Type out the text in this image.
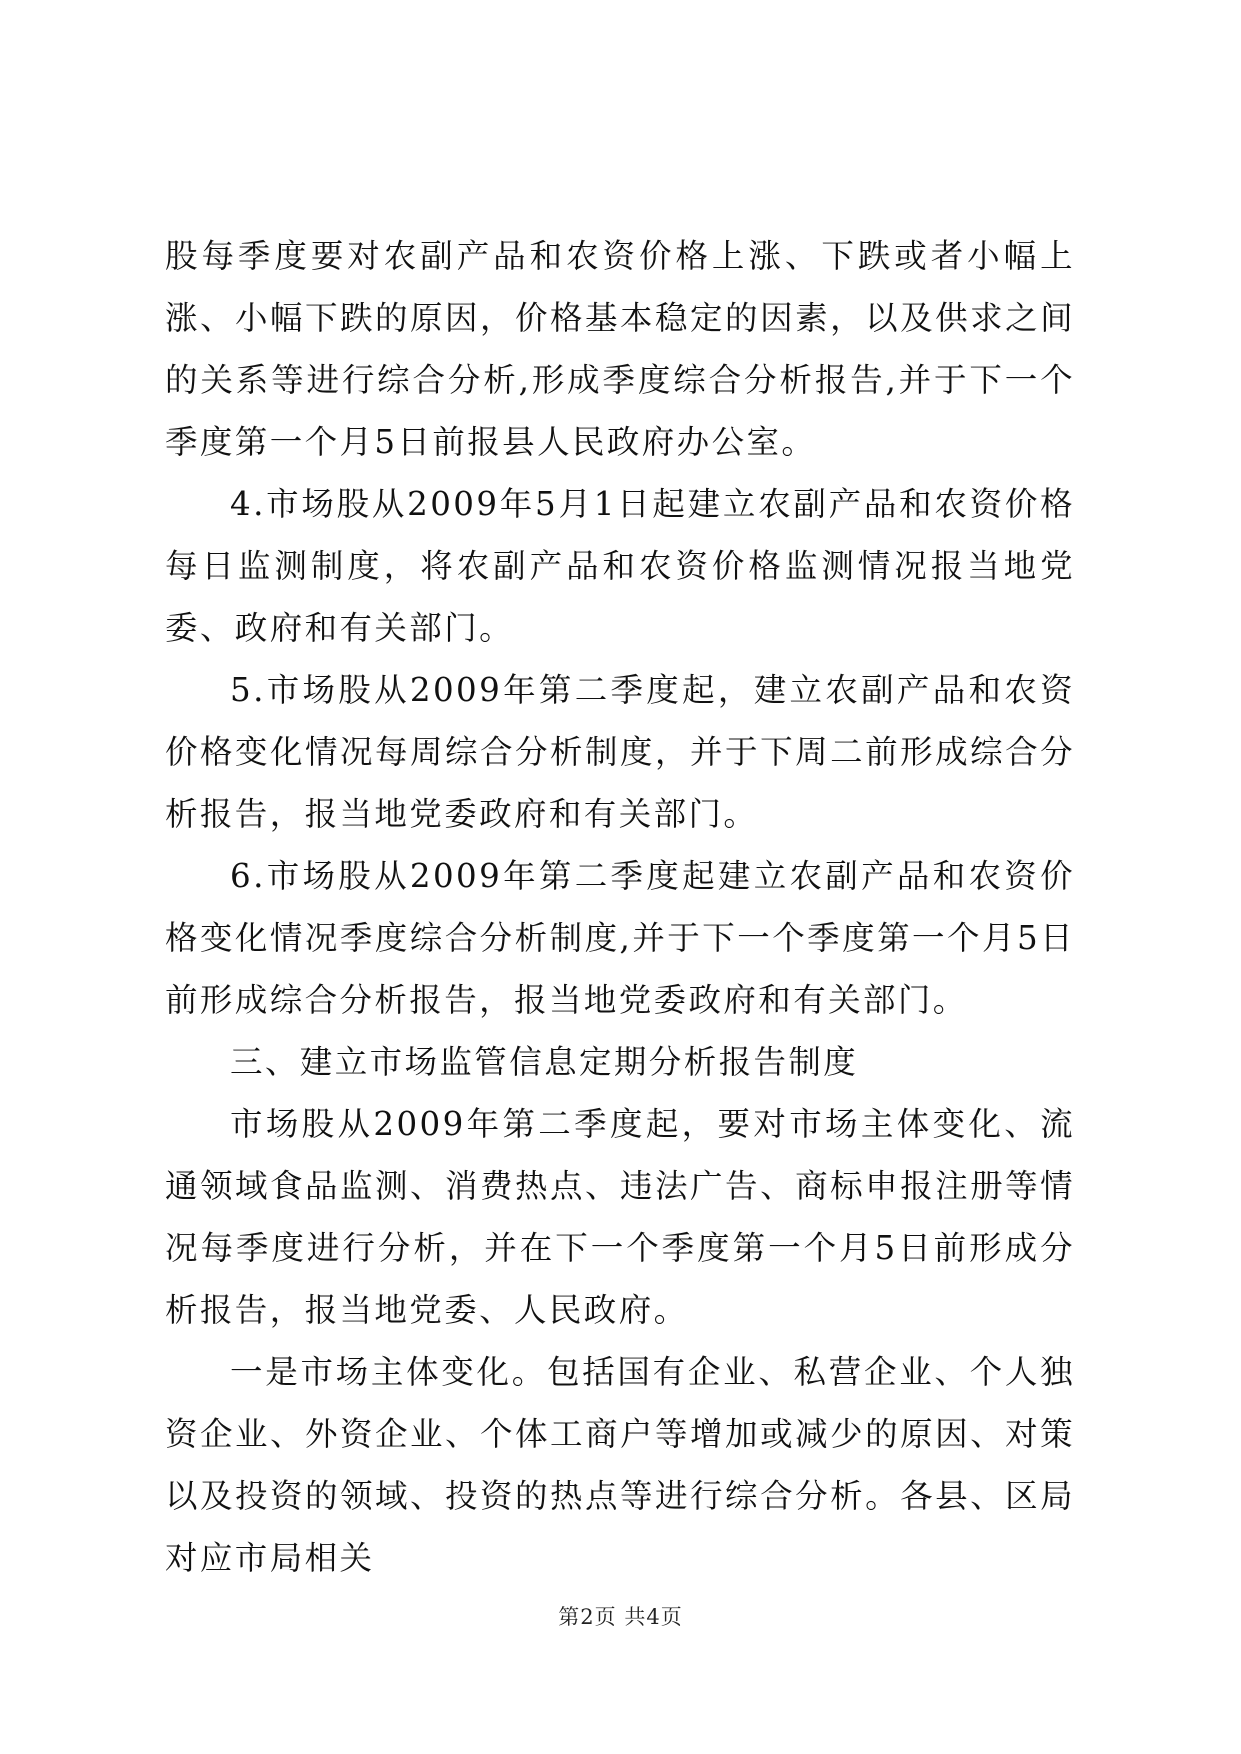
股每季度要对农副产品和农资价格上涨、下跌或者小幅上涨、小幅下跌的原因，价格基本稳定的因素，以及供求之间的关系等进行综合分析,形成季度综合分析报告,并于下一个季度第一个月5日前报县人民政府办公室。

4.市场股从2009年5月1日起建立农副产品和农资价格每日监测制度，将农副产品和农资价格监测情况报当地党委、政府和有关部门。

5.市场股从2009年第二季度起，建立农副产品和农资价格变化情况每周综合分析制度，并于下周二前形成综合分析报告，报当地党委政府和有关部门。

6.市场股从2009年第二季度起建立农副产品和农资价格变化情况季度综合分析制度,并于下一个季度第一个月5日前形成综合分析报告，报当地党委政府和有关部门。

三、建立市场监管信息定期分析报告制度

市场股从2009年第二季度起，要对市场主体变化、流通领域食品监测、消费热点、违法广告、商标申报注册等情况每季度进行分析，并在下一个季度第一个月5日前形成分析报告，报当地党委、人民政府。

一是市场主体变化。包括国有企业、私营企业、个人独资企业、外资企业、个体工商户等增加或减少的原因、对策以及投资的领域、投资的热点等进行综合分析。各县、区局对应市局相关

第2页 共4页
